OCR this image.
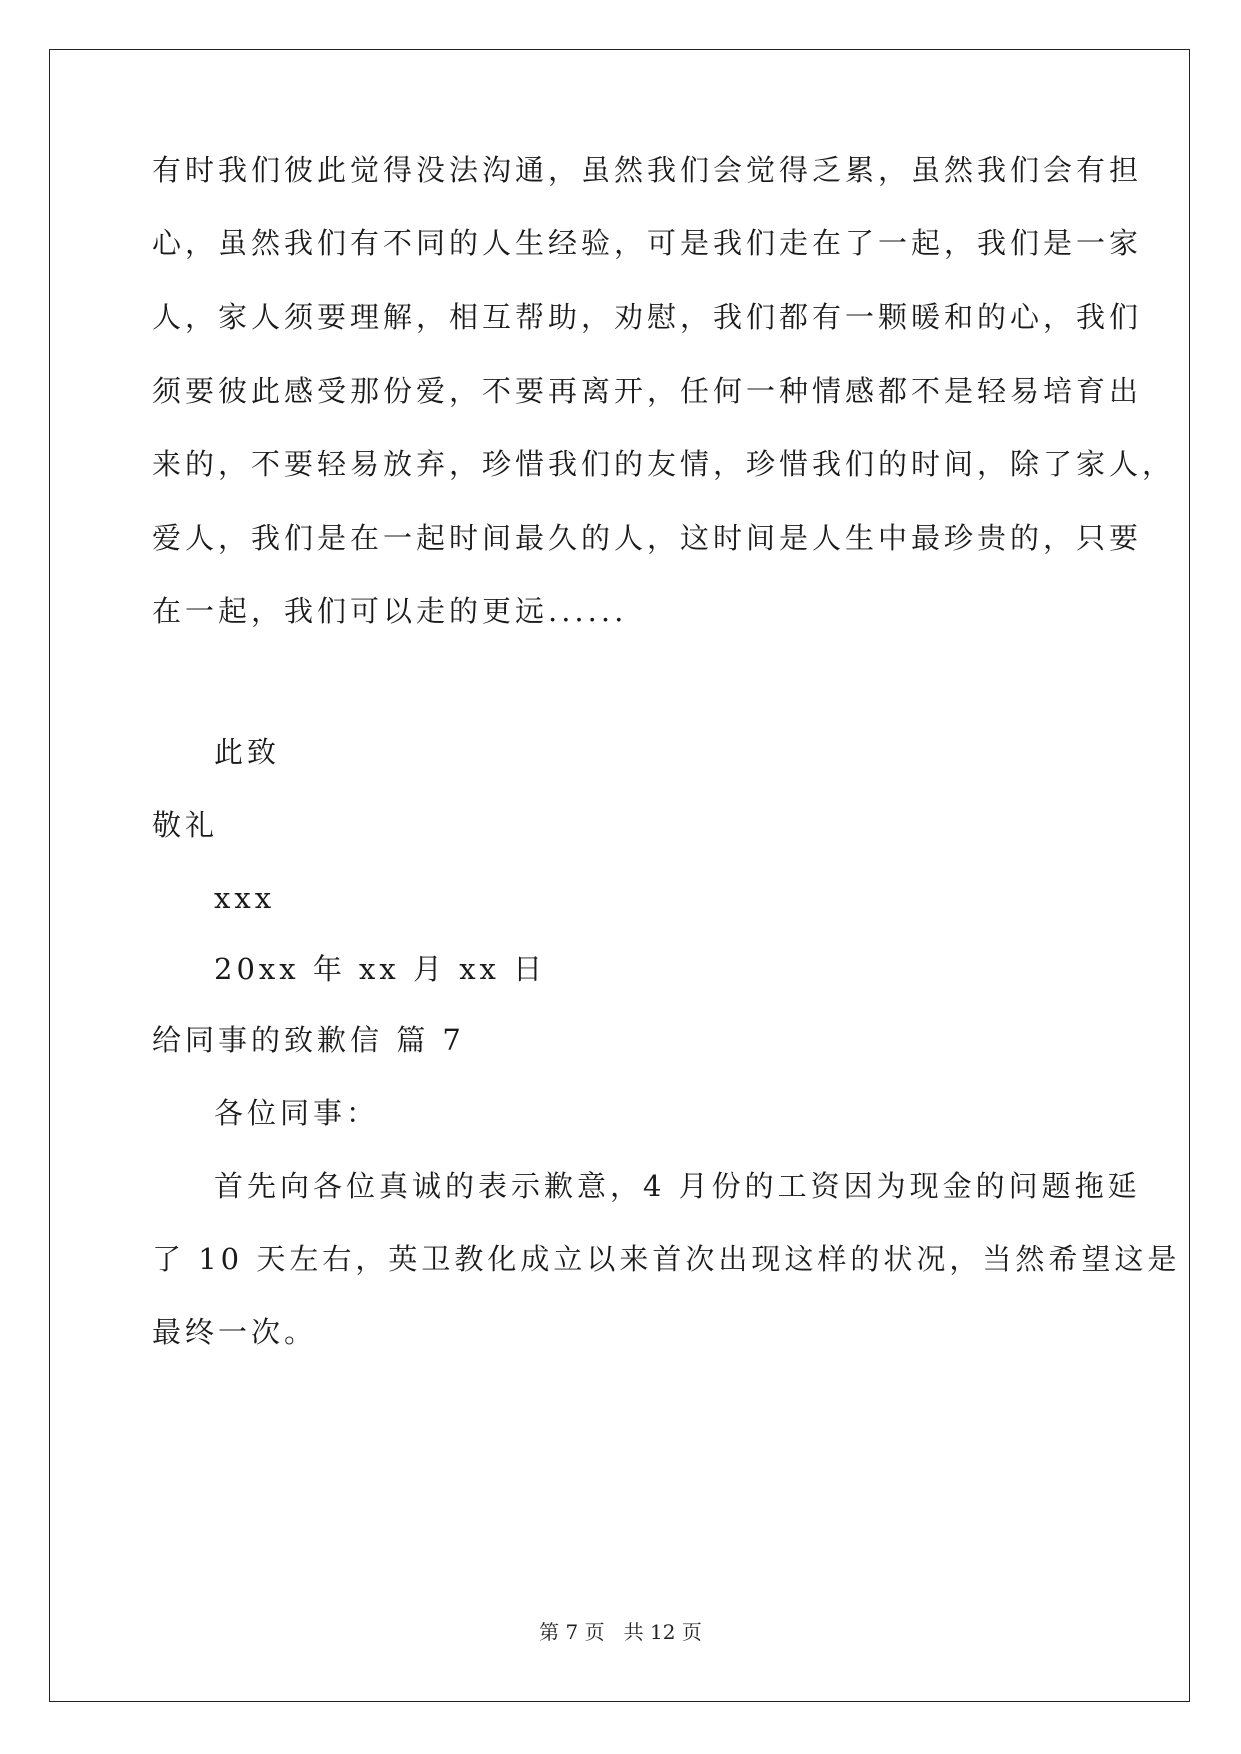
有时我们彼此觉得没法沟通，虽然我们会觉得乏累，虽然我们会有担
心，虽然我们有不同的人生经验，可是我们走在了一起，我们是一家
人，家人须要理解，相互帮助，劝慰，我们都有一颗暖和的心，我们
须要彼此感受那份爱，不要再离开，任何一种情感都不是轻易培育出
来的，不要轻易放弃，珍惜我们的友情，珍惜我们的时间，除了家人，
爱人，我们是在一起时间最久的人，这时间是人生中最珍贵的，只要
在一起，我们可以走的更远......
此致
敬礼
xxx
20xx 年 xx 月 xx 日
给同事的致歉信 篇 7
各位同事：
首先向各位真诚的表示歉意，4 月份的工资因为现金的问题拖延
了 10 天左右，英卫教化成立以来首次出现这样的状况，当然希望这是
最终一次。
第 7 页 共 12 页
